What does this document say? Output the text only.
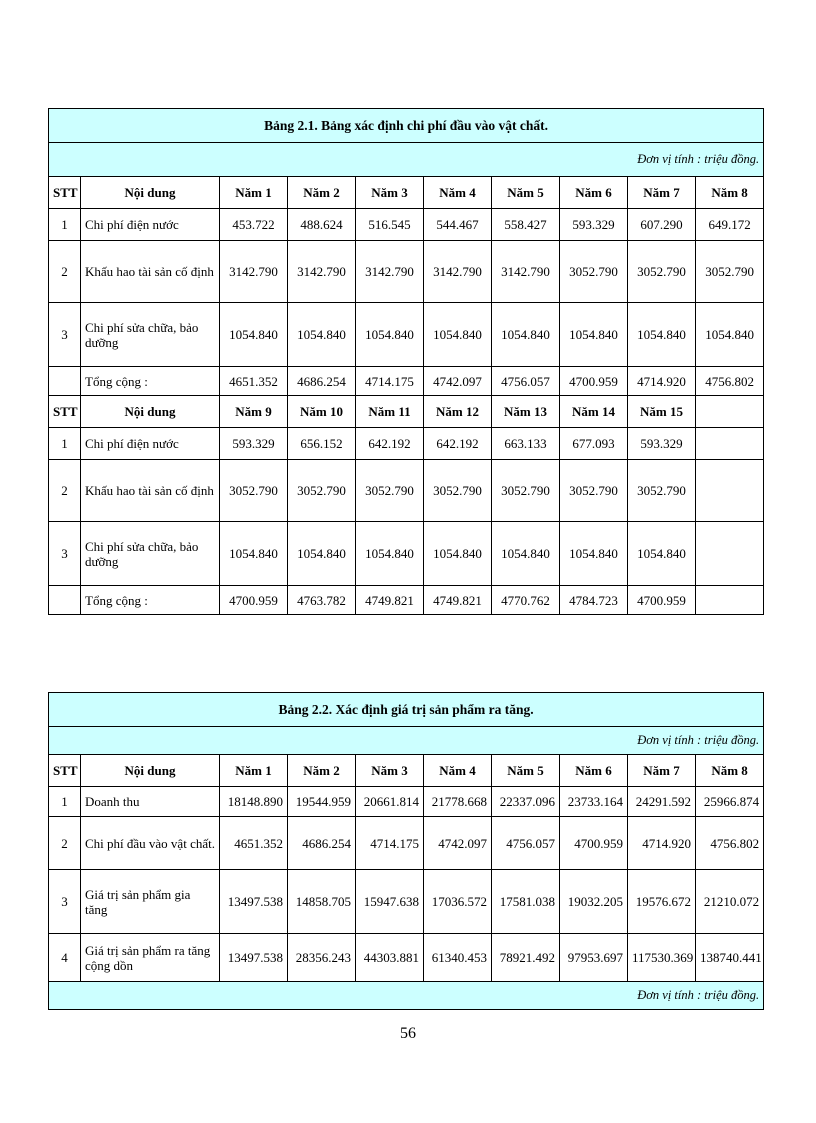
Bảng 2.1. Bảng xác định chi phí đầu vào vật chất.									
Đơn vị tính : triệu đồng.									
STT	Nội dung	Năm 1	Năm 2	Năm 3	Năm 4	Năm 5	Năm 6	Năm 7	Năm 8
1	Chi phí điện nước	453.722	488.624	516.545	544.467	558.427	593.329	607.290	649.172
2	Khấu hao tài sản cố định	3142.790	3142.790	3142.790	3142.790	3142.790	3052.790	3052.790	3052.790
3	Chi phí sửa chữa, bảo dưỡng	1054.840	1054.840	1054.840	1054.840	1054.840	1054.840	1054.840	1054.840
	Tổng cộng :	4651.352	4686.254	4714.175	4742.097	4756.057	4700.959	4714.920	4756.802
STT	Nội dung	Năm 9	Năm 10	Năm 11	Năm 12	Năm 13	Năm 14	Năm 15	
1	Chi phí điện nước	593.329	656.152	642.192	642.192	663.133	677.093	593.329	
2	Khấu hao tài sản cố định	3052.790	3052.790	3052.790	3052.790	3052.790	3052.790	3052.790	
3	Chi phí sửa chữa, bảo dưỡng	1054.840	1054.840	1054.840	1054.840	1054.840	1054.840	1054.840	
	Tổng cộng :	4700.959	4763.782	4749.821	4749.821	4770.762	4784.723	4700.959	
Bảng 2.2. Xác định giá trị sản phẩm ra tăng.									
Đơn vị tính : triệu đồng.									
STT	Nội dung	Năm 1	Năm 2	Năm 3	Năm 4	Năm 5	Năm 6	Năm 7	Năm 8
1	Doanh thu	18148.890	19544.959	20661.814	21778.668	22337.096	23733.164	24291.592	25966.874
2	Chi phí đầu vào vật chất.	4651.352	4686.254	4714.175	4742.097	4756.057	4700.959	4714.920	4756.802
3	Giá trị sản phẩm gia tăng	13497.538	14858.705	15947.638	17036.572	17581.038	19032.205	19576.672	21210.072
4	Giá trị sản phẩm ra tăng cộng dồn	13497.538	28356.243	44303.881	61340.453	78921.492	97953.697	117530.369	138740.441
Đơn vị tính : triệu đồng.									
56
